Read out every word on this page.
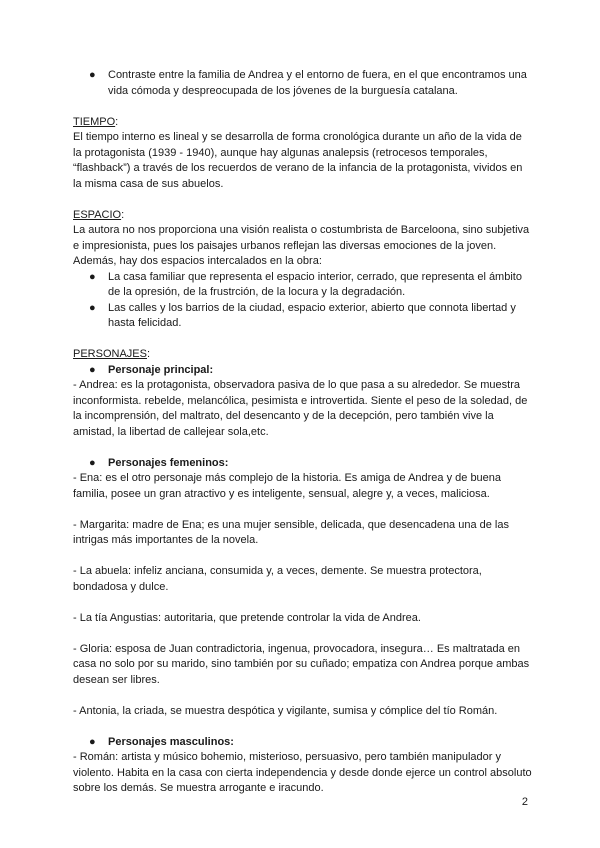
● Contraste entre la familia de Andrea y el entorno de fuera, en el que encontramos una vida cómoda y despreocupada de los jóvenes de la burguesía catalana.

TIEMPO:

El tiempo interno es lineal y se desarrolla de forma cronológica durante un año de la vida de la protagonista (1939 - 1940), aunque hay algunas analepsis (retrocesos temporales, “flashback”) a través de los recuerdos de verano de la infancia de la protagonista, vividos en la misma casa de sus abuelos.

ESPACIO:

La autora no nos proporciona una visión realista o costumbrista de Barceloona, sino subjetiva e impresionista, pues los paisajes urbanos reflejan las diversas emociones de la joven.

Además, hay dos espacios intercalados en la obra:

● La casa familiar que representa el espacio interior, cerrado, que representa el ámbito de la opresión, de la frustrción, de la locura y la degradación.
● Las calles y los barrios de la ciudad, espacio exterior, abierto que connota libertad y hasta felicidad.

PERSONAJES:

● Personaje principal:

- Andrea: es la protagonista, observadora pasiva de lo que pasa a su alrededor. Se muestra inconformista. rebelde, melancólica, pesimista e introvertida. Siente el peso de la soledad, de la incomprensión, del maltrato, del desencanto y de la decepción, pero también vive la amistad, la libertad de callejear sola,etc.

● Personajes femeninos:

- Ena: es el otro personaje más complejo de la historia. Es amiga de Andrea y de buena familia, posee un gran atractivo y es inteligente, sensual, alegre y, a veces, maliciosa.

- Margarita: madre de Ena; es una mujer sensible, delicada, que desencadena una de las intrigas más importantes de la novela.

- La abuela: infeliz anciana, consumida y, a veces, demente. Se muestra protectora, bondadosa y dulce.

- La tía Angustias: autoritaria, que pretende controlar la vida de Andrea.

- Gloria: esposa de Juan contradictoria, ingenua, provocadora, insegura… Es maltratada en casa no solo por su marido, sino también por su cuñado; empatiza con Andrea porque ambas desean ser libres.

- Antonia, la criada, se muestra despótica y vigilante, sumisa y cómplice del tío Román.

● Personajes masculinos:

- Román: artista y músico bohemio, misterioso, persuasivo, pero también manipulador y violento. Habita en la casa con cierta independencia y desde donde ejerce un control absoluto sobre los demás. Se muestra arrogante e iracundo.

2
